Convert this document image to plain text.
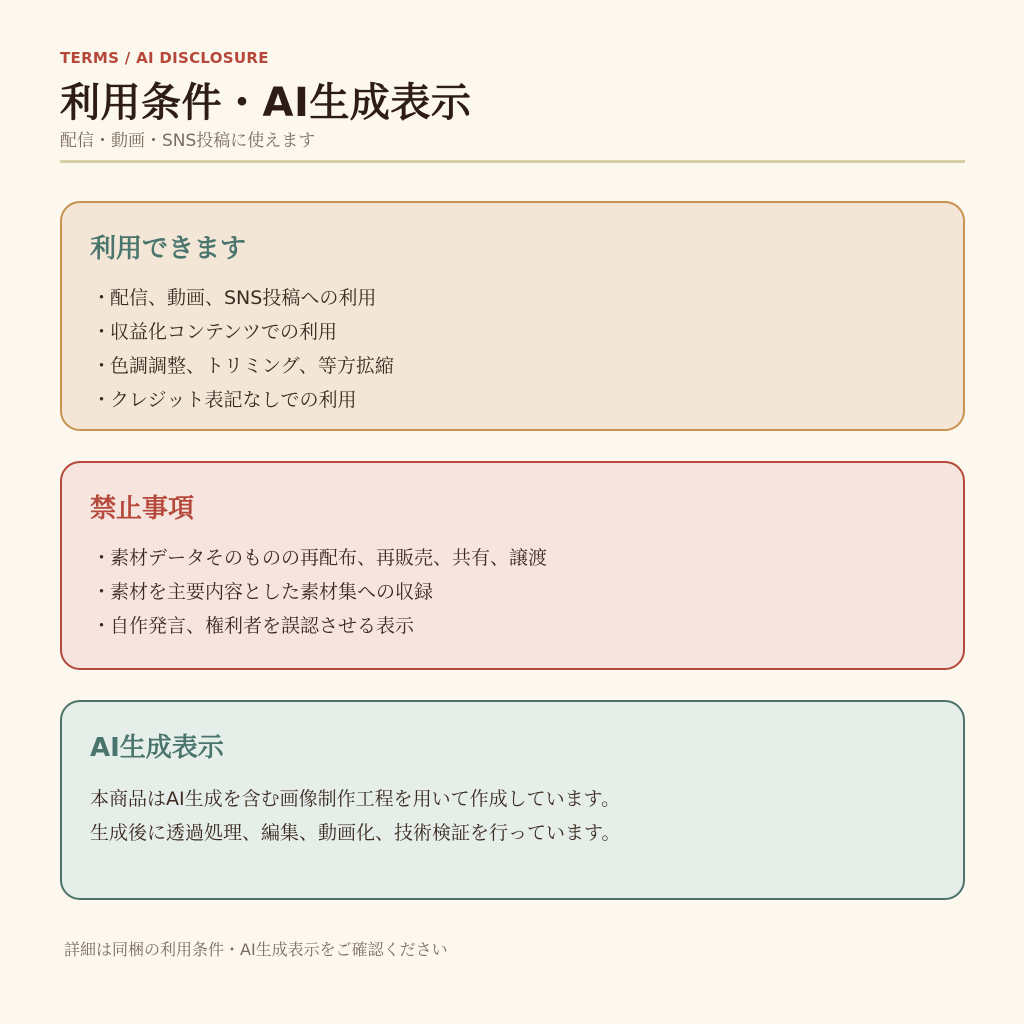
TERMS / AI DISCLOSURE
利用条件・AI生成表示
配信・動画・SNS投稿に使えます
利用できます
・
配信、動画、SNS投稿への利用
・
収益化コンテンツでの利用
・
色調調整、トリミング、等方拡縮
・
クレジット表記なしでの利用
禁止事項
・
素材データそのものの再配布、再販売、共有、譲渡
・
素材を主要内容とした素材集への収録
・
自作発言、権利者を誤認させる表示
AI生成表示

本商品はAI生成を含む画像制作工程を用いて作成しています。

生成後に透過処理、編集、動画化、技術検証を行っています。

詳細は同梱の利用条件・AI生成表示をご確認ください
